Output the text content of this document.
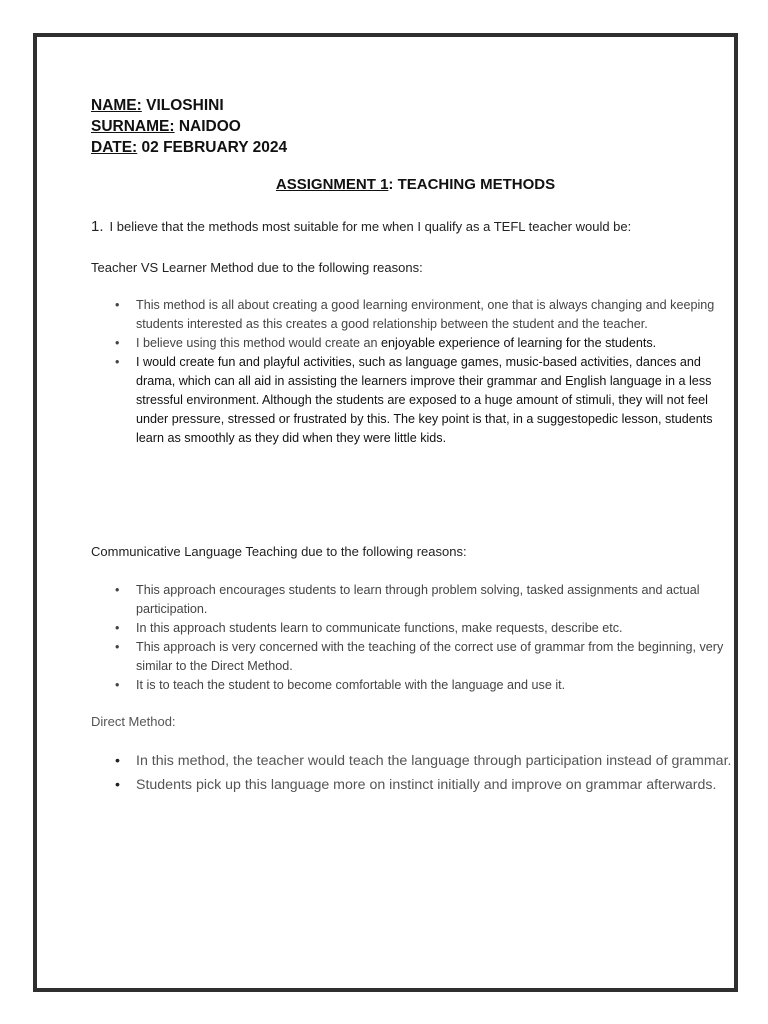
NAME: VILOSHINI
SURNAME: NAIDOO
DATE: 02 FEBRUARY 2024
ASSIGNMENT 1: TEACHING METHODS
1. I believe that the methods most suitable for me when I qualify as a TEFL teacher would be:
Teacher VS Learner Method due to the following reasons:
• This method is all about creating a good learning environment, one that is always changing and keeping students interested as this creates a good relationship between the student and the teacher.
• I believe using this method would create an enjoyable experience of learning for the students.
• I would create fun and playful activities, such as language games, music-based activities, dances and drama, which can all aid in assisting the learners improve their grammar and English language in a less stressful environment. Although the students are exposed to a huge amount of stimuli, they will not feel under pressure, stressed or frustrated by this. The key point is that, in a suggestopedic lesson, students learn as smoothly as they did when they were little kids.
Communicative Language Teaching due to the following reasons:
• This approach encourages students to learn through problem solving, tasked assignments and actual participation.
• In this approach students learn to communicate functions, make requests, describe etc.
• This approach is very concerned with the teaching of the correct use of grammar from the beginning, very similar to the Direct Method.
• It is to teach the student to become comfortable with the language and use it.
Direct Method:
• In this method, the teacher would teach the language through participation instead of grammar.
• Students pick up this language more on instinct initially and improve on grammar afterwards.
